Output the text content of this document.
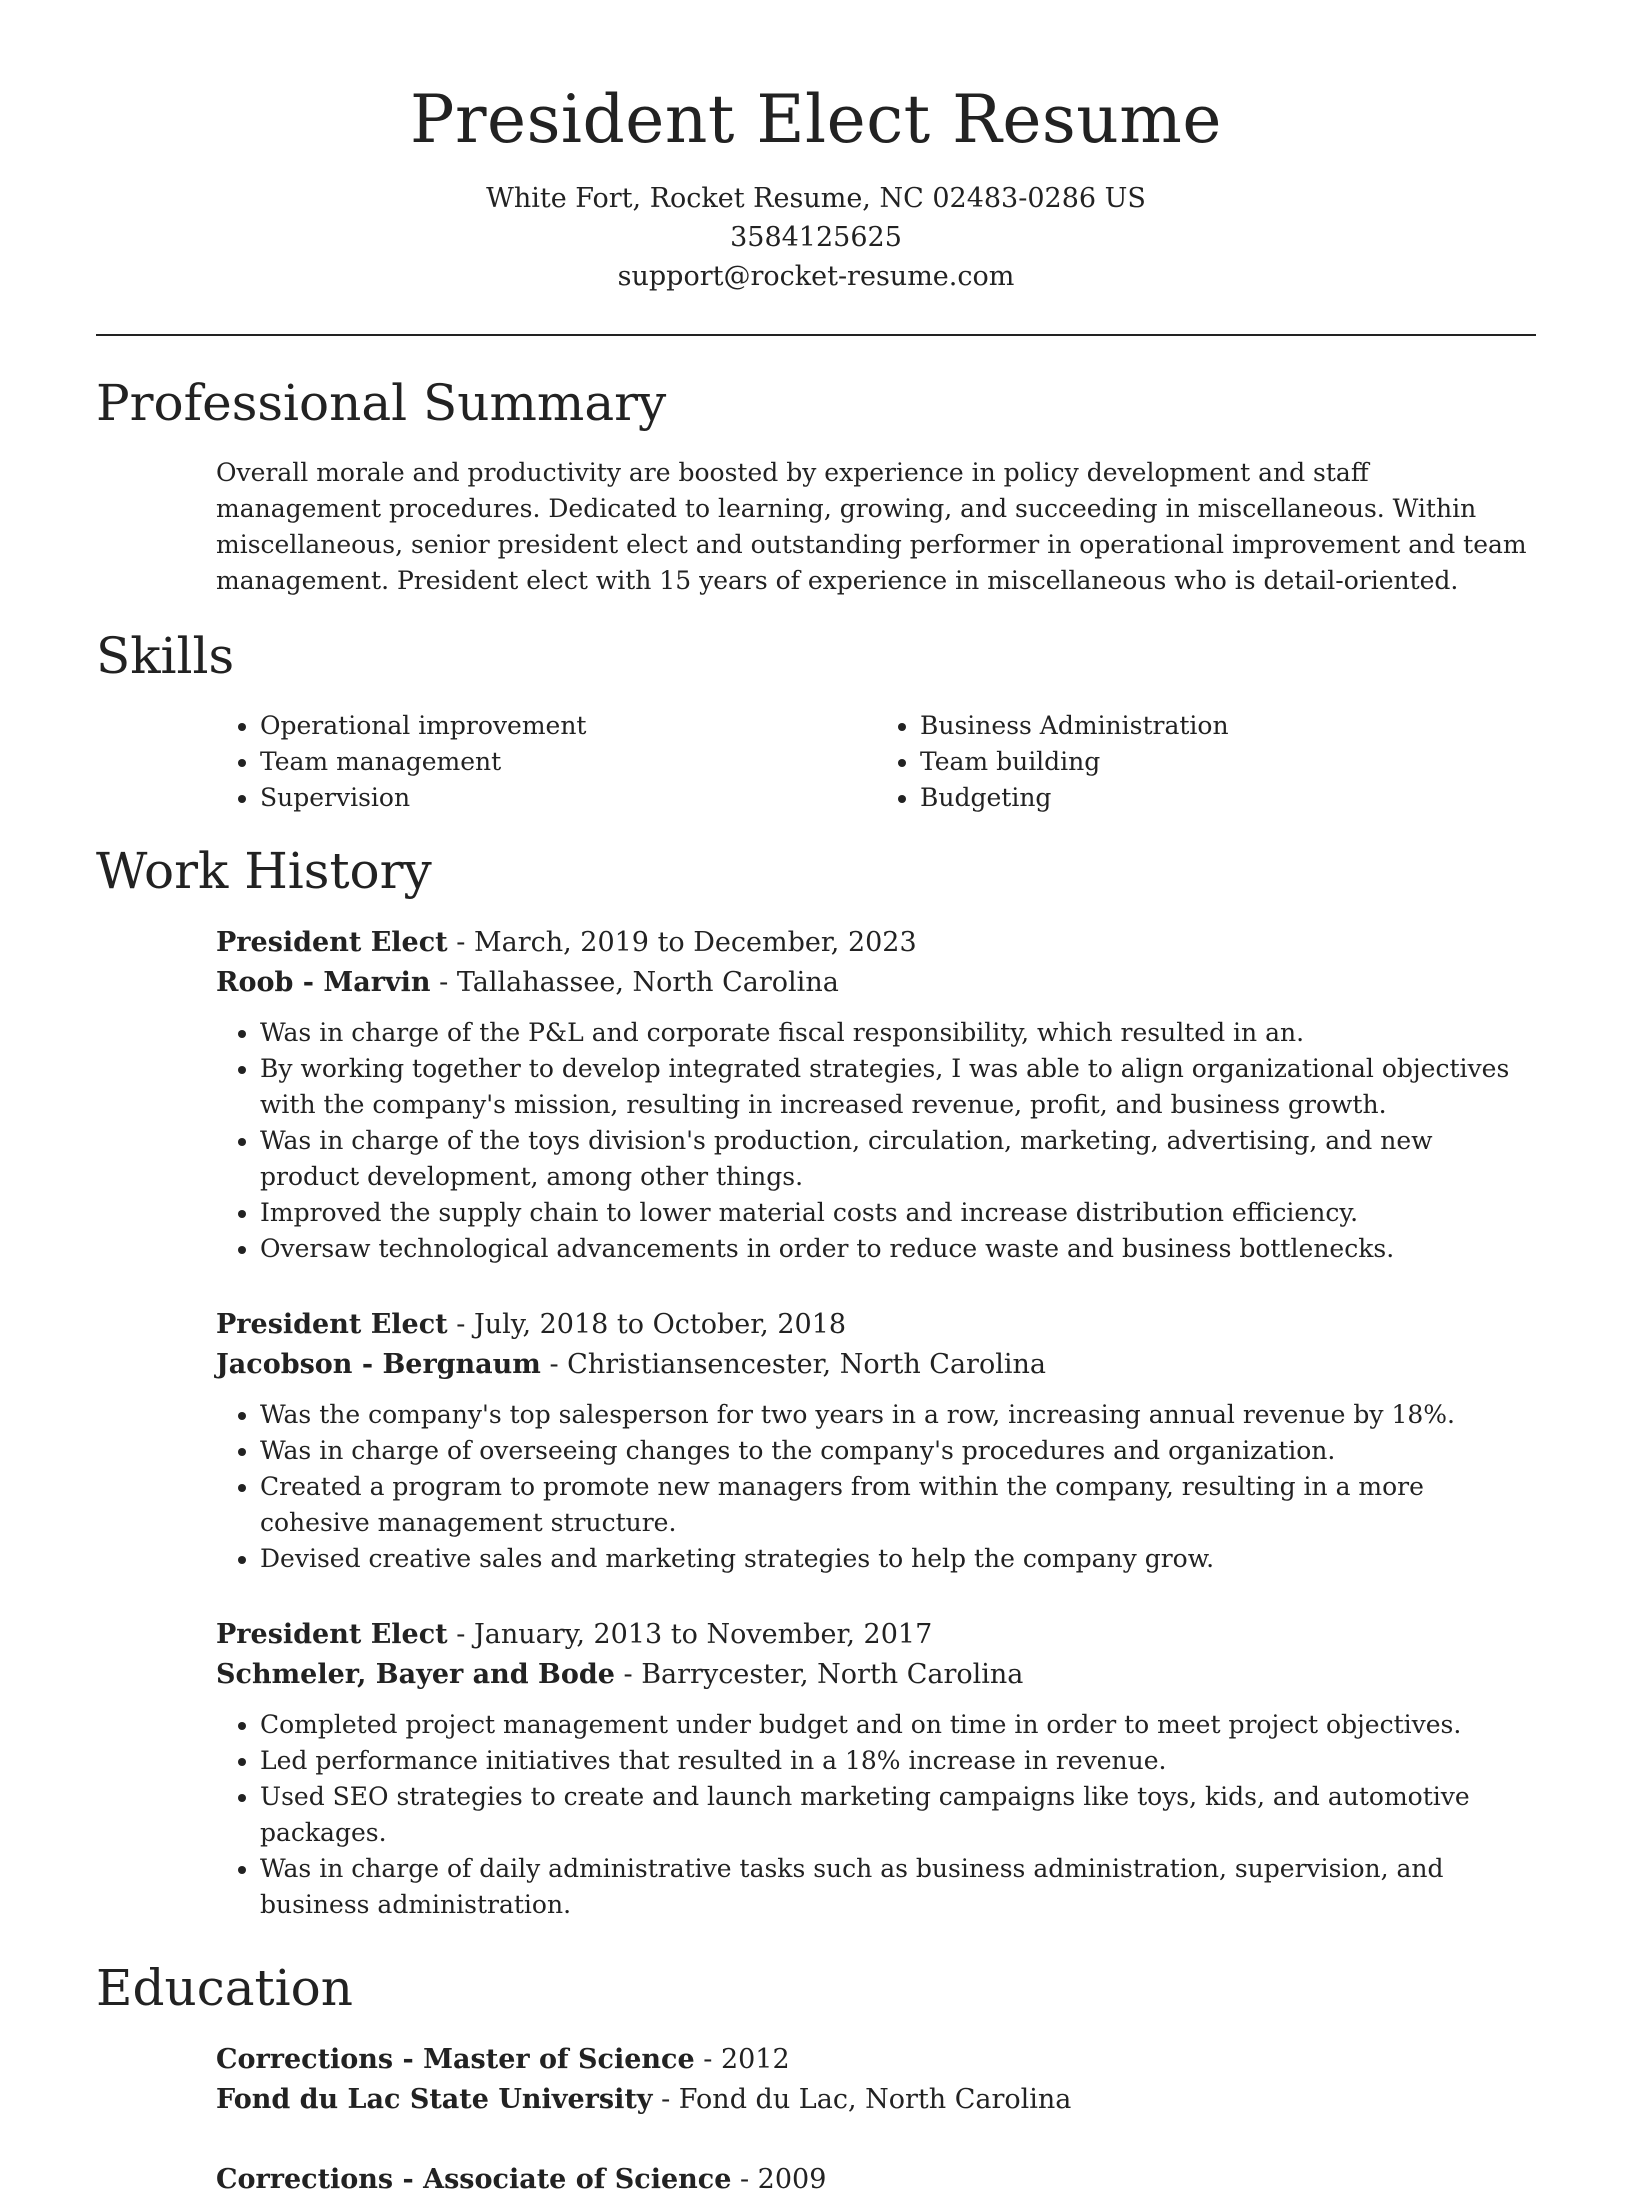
President Elect Resume
White Fort, Rocket Resume, NC 02483-0286 US
3584125625
support@rocket-resume.com
Professional Summary

Overall morale and productivity are boosted by experience in policy development and staff management procedures. Dedicated to learning, growing, and succeeding in miscellaneous. Within miscellaneous, senior president elect and outstanding performer in operational improvement and team management. President elect with 15 years of experience in miscellaneous who is detail-oriented.

Skills
• Operational improvement
• Team management
• Supervision
• Business Administration
• Team building
• Budgeting
Work History
President Elect - March, 2019 to December, 2023
Roob - Marvin - Tallahassee, North Carolina
• Was in charge of the P&L and corporate fiscal responsibility, which resulted in an.
• By working together to develop integrated strategies, I was able to align organizational objectives with the company's mission, resulting in increased revenue, profit, and business growth.
• Was in charge of the toys division's production, circulation, marketing, advertising, and new product development, among other things.
• Improved the supply chain to lower material costs and increase distribution efficiency.
• Oversaw technological advancements in order to reduce waste and business bottlenecks.
President Elect - July, 2018 to October, 2018
Jacobson - Bergnaum - Christiansencester, North Carolina
• Was the company's top salesperson for two years in a row, increasing annual revenue by 18%.
• Was in charge of overseeing changes to the company's procedures and organization.
• Created a program to promote new managers from within the company, resulting in a more cohesive management structure.
• Devised creative sales and marketing strategies to help the company grow.
President Elect - January, 2013 to November, 2017
Schmeler, Bayer and Bode - Barrycester, North Carolina
• Completed project management under budget and on time in order to meet project objectives.
• Led performance initiatives that resulted in a 18% increase in revenue.
• Used SEO strategies to create and launch marketing campaigns like toys, kids, and automotive packages.
• Was in charge of daily administrative tasks such as business administration, supervision, and business administration.
Education
Corrections - Master of Science - 2012
Fond du Lac State University - Fond du Lac, North Carolina
Corrections - Associate of Science - 2009
